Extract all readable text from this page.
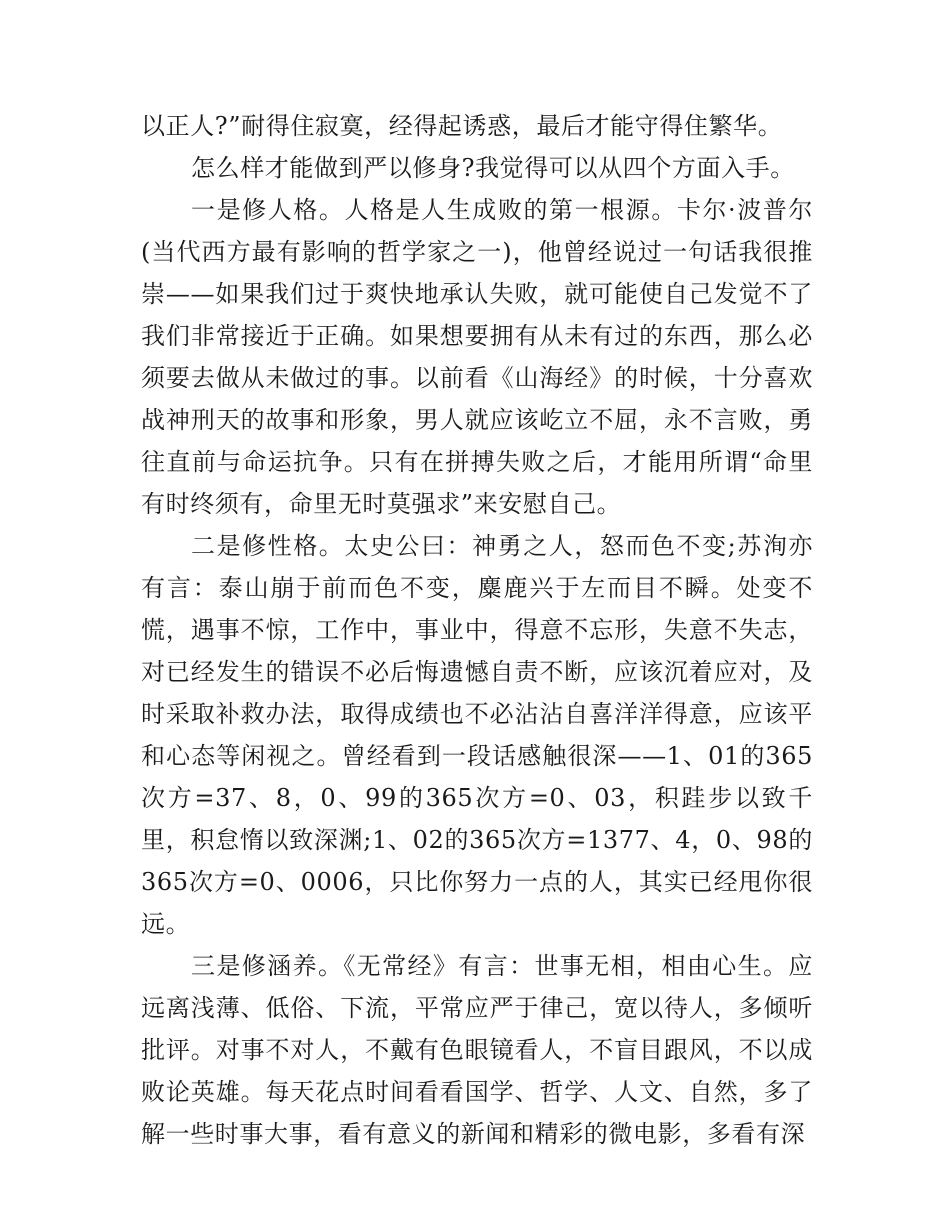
以正人?”耐得住寂寞，经得起诱惑，最后才能守得住繁华。

怎么样才能做到严以修身?我觉得可以从四个方面入手。

一是修人格。人格是人生成败的第一根源。卡尔·波普尔(当代西方最有影响的哲学家之一)，他曾经说过一句话我很推崇——如果我们过于爽快地承认失败，就可能使自己发觉不了我们非常接近于正确。如果想要拥有从未有过的东西，那么必须要去做从未做过的事。以前看《山海经》的时候，十分喜欢战神刑天的故事和形象，男人就应该屹立不屈，永不言败，勇往直前与命运抗争。只有在拼搏失败之后，才能用所谓“命里有时终须有，命里无时莫强求”来安慰自己。

二是修性格。太史公曰：神勇之人，怒而色不变;苏洵亦有言：泰山崩于前而色不变，麋鹿兴于左而目不瞬。处变不慌，遇事不惊，工作中，事业中，得意不忘形，失意不失志，对已经发生的错误不必后悔遗憾自责不断，应该沉着应对，及时采取补救办法，取得成绩也不必沾沾自喜洋洋得意，应该平和心态等闲视之。曾经看到一段话感触很深——1、01的365次方=37、8，0、99的365次方=0、03，积跬步以致千里，积怠惰以致深渊;1、02的365次方=1377、4，0、98的365次方=0、0006，只比你努力一点的人，其实已经甩你很远。

三是修涵养。《无常经》有言：世事无相，相由心生。应远离浅薄、低俗、下流，平常应严于律己，宽以待人，多倾听批评。对事不对人，不戴有色眼镜看人，不盲目跟风，不以成败论英雄。每天花点时间看看国学、哲学、人文、自然，多了解一些时事大事，看有意义的新闻和精彩的微电影，多看有深
